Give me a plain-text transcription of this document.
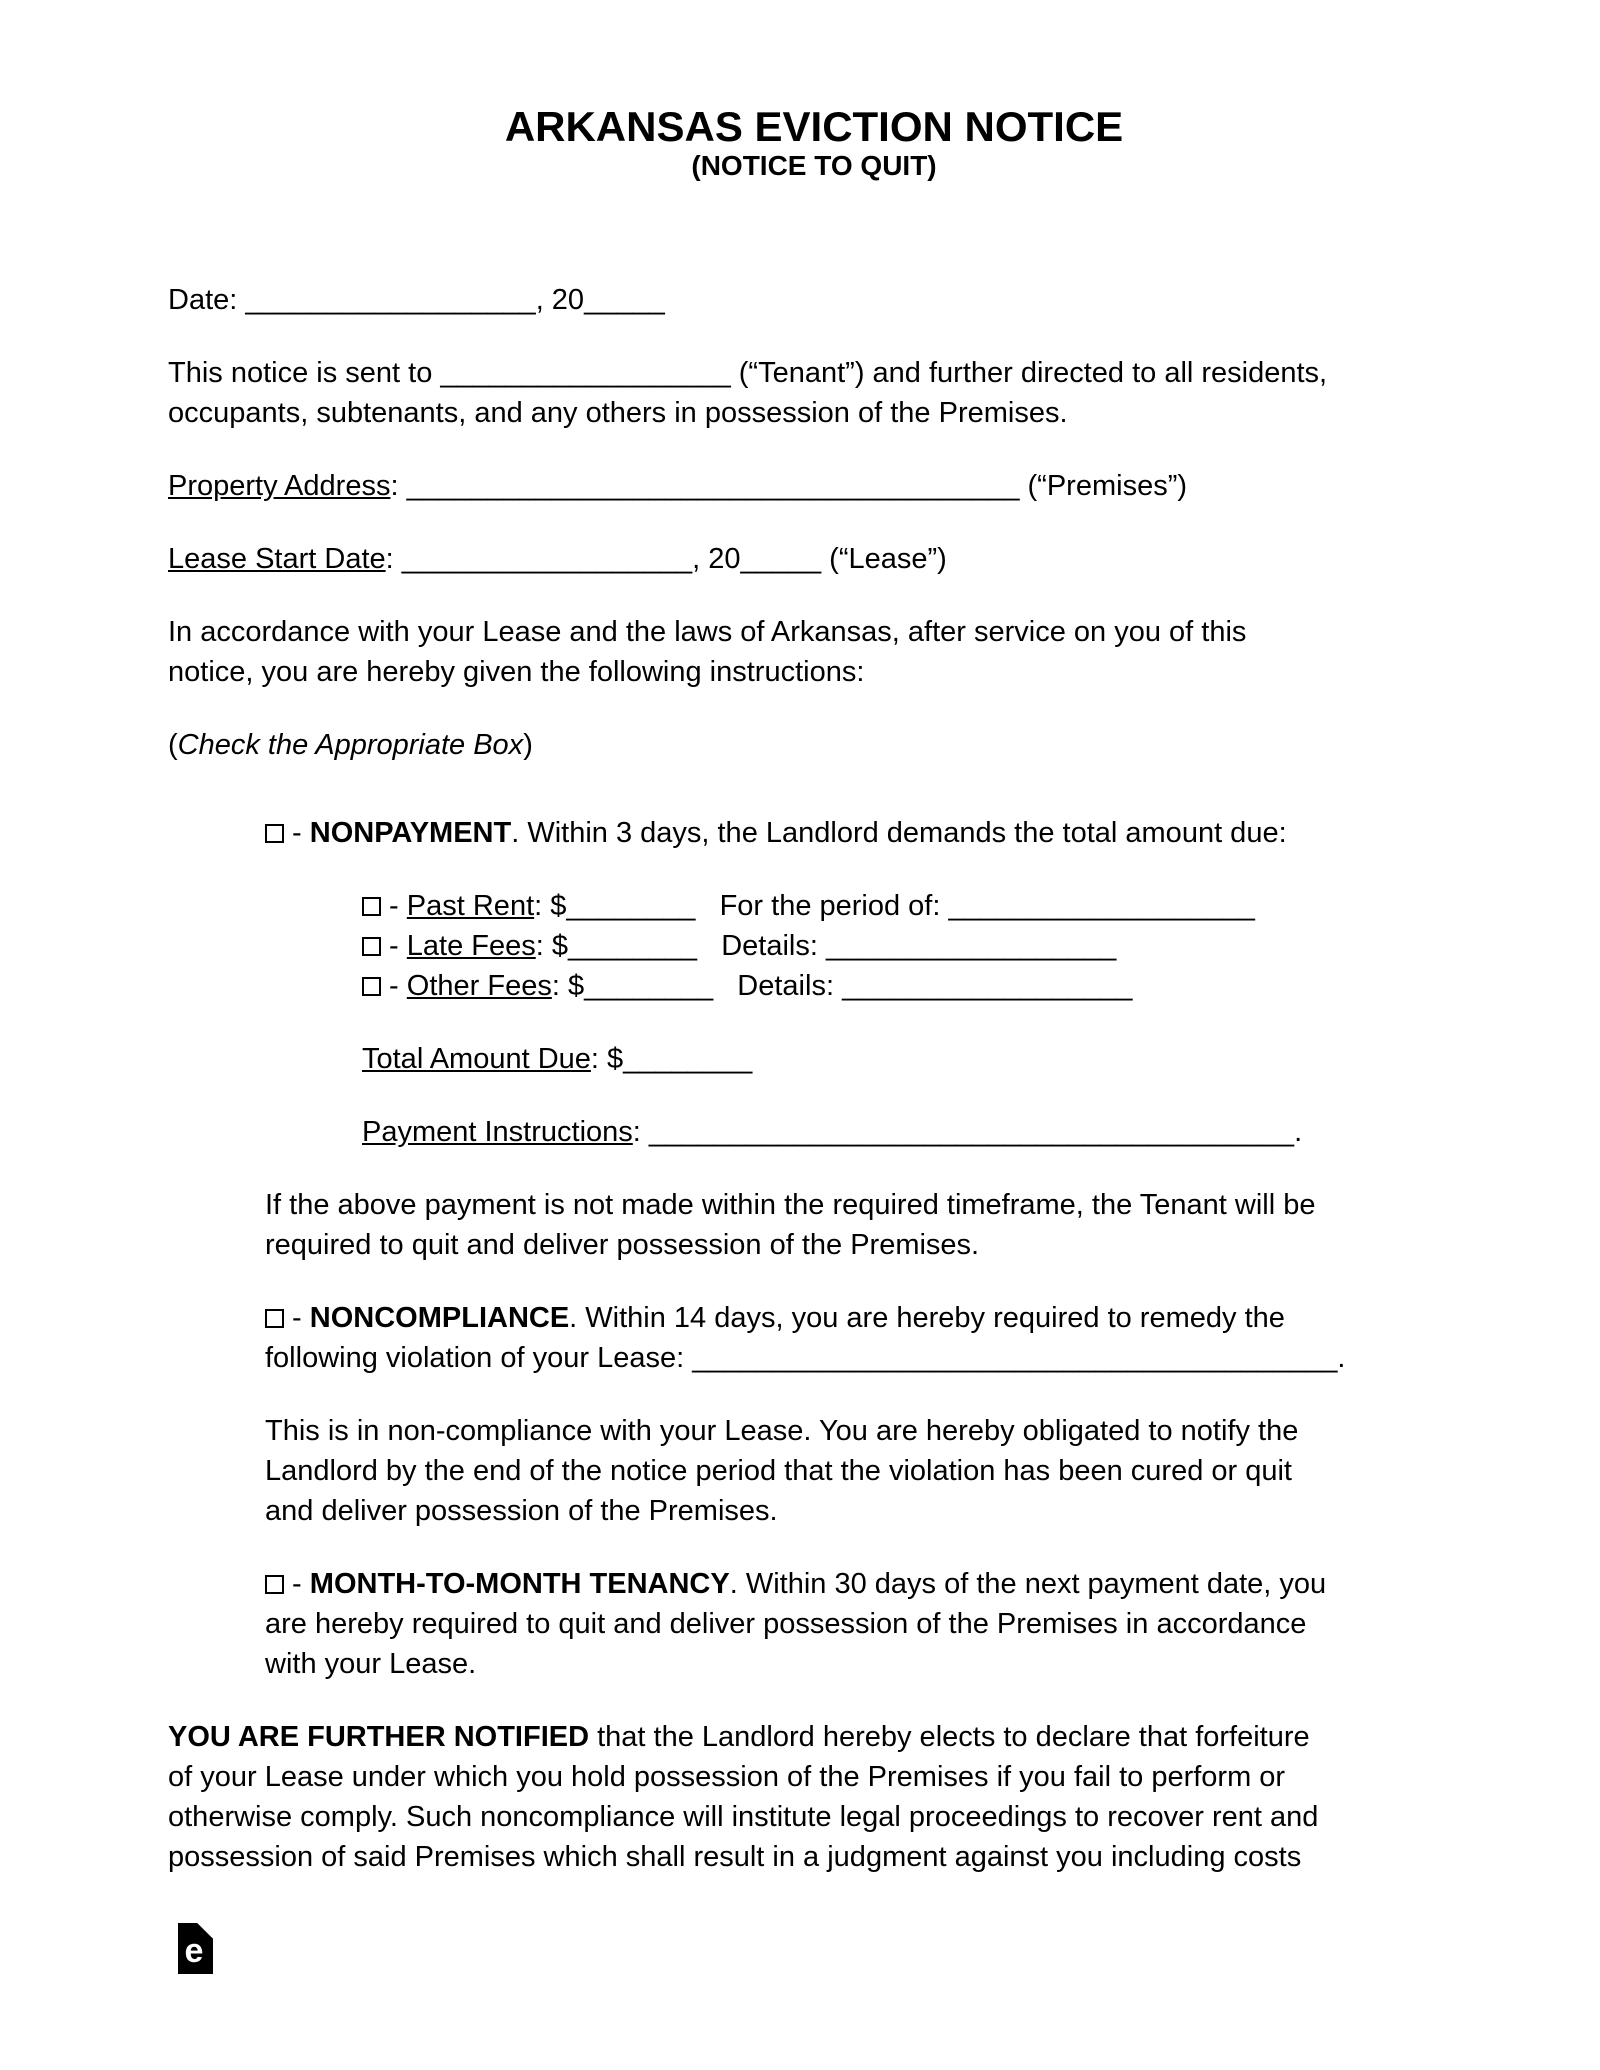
ARKANSAS EVICTION NOTICE
(NOTICE TO QUIT)
Date: __________________, 20_____
This notice is sent to __________________ (“Tenant”) and further directed to all residents,
occupants, subtenants, and any others in possession of the Premises.
Property Address: ______________________________________ (“Premises”)
Lease Start Date: __________________, 20_____ (“Lease”)
In accordance with your Lease and the laws of Arkansas, after service on you of this
notice, you are hereby given the following instructions:
(Check the Appropriate Box)
- NONPAYMENT. Within 3 days, the Landlord demands the total amount due:
- Past Rent: $________ For the period of: ___________________
- Late Fees: $________ Details: __________________
- Other Fees: $________ Details: __________________
Total Amount Due: $________
Payment Instructions: ________________________________________.
If the above payment is not made within the required timeframe, the Tenant will be
required to quit and deliver possession of the Premises.
- NONCOMPLIANCE. Within 14 days, you are hereby required to remedy the
following violation of your Lease: ________________________________________.
This is in non-compliance with your Lease. You are hereby obligated to notify the
Landlord by the end of the notice period that the violation has been cured or quit
and deliver possession of the Premises.
- MONTH-TO-MONTH TENANCY. Within 30 days of the next payment date, you
are hereby required to quit and deliver possession of the Premises in accordance
with your Lease.
YOU ARE FURTHER NOTIFIED that the Landlord hereby elects to declare that forfeiture
of your Lease under which you hold possession of the Premises if you fail to perform or
otherwise comply. Such noncompliance will institute legal proceedings to recover rent and
possession of said Premises which shall result in a judgment against you including costs
e
